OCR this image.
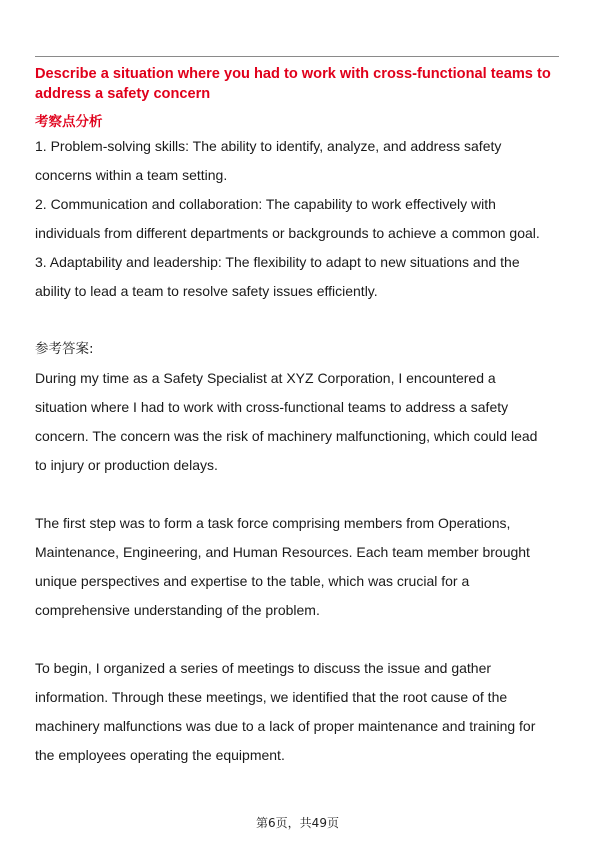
Describe a situation where you had to work with cross-functional teams to
address a safety concern

考察点分析

1. Problem-solving skills: The ability to identify, analyze, and address safety

concerns within a team setting.

2. Communication and collaboration: The capability to work effectively with

individuals from different departments or backgrounds to achieve a common goal.

3. Adaptability and leadership: The flexibility to adapt to new situations and the

ability to lead a team to resolve safety issues efficiently.

参考答案:

During my time as a Safety Specialist at XYZ Corporation, I encountered a

situation where I had to work with cross-functional teams to address a safety

concern. The concern was the risk of machinery malfunctioning, which could lead

to injury or production delays.

The first step was to form a task force comprising members from Operations,

Maintenance, Engineering, and Human Resources. Each team member brought

unique perspectives and expertise to the table, which was crucial for a

comprehensive understanding of the problem.

To begin, I organized a series of meetings to discuss the issue and gather

information. Through these meetings, we identified that the root cause of the

machinery malfunctions was due to a lack of proper maintenance and training for

the employees operating the equipment.

第6页，共49页
